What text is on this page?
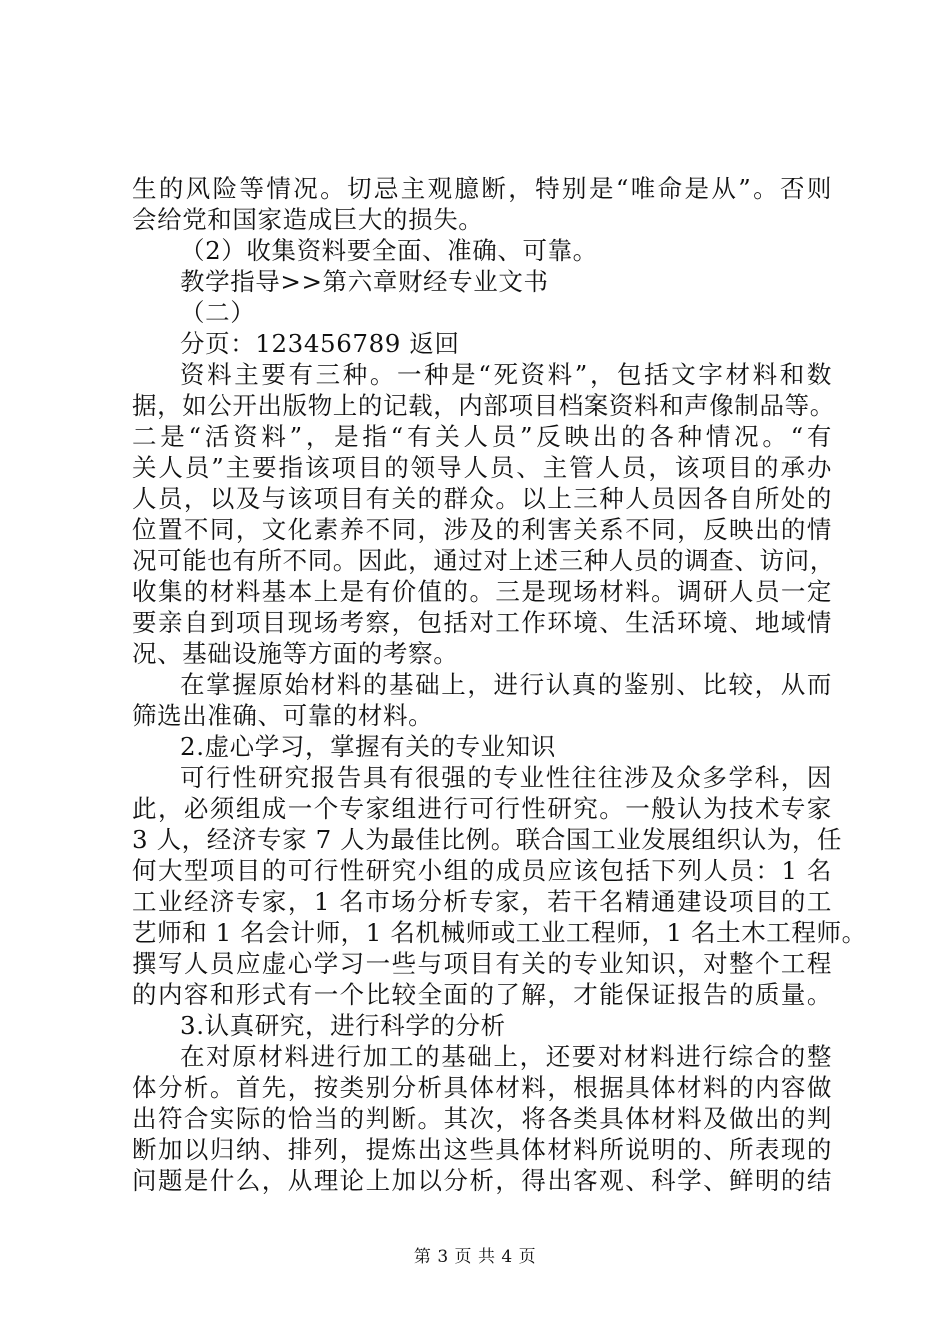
生的风险等情况。切忌主观臆断，特别是“唯命是从”。否则
会给党和国家造成巨大的损失。
（2）收集资料要全面、准确、可靠。
教学指导>>第六章财经专业文书
（二）
分页：123456789 返回
资料主要有三种。一种是“死资料”，包括文字材料和数
据，如公开出版物上的记载，内部项目档案资料和声像制品等。
二是“活资料”，是指“有关人员”反映出的各种情况。“有
关人员”主要指该项目的领导人员、主管人员，该项目的承办
人员，以及与该项目有关的群众。以上三种人员因各自所处的
位置不同，文化素养不同，涉及的利害关系不同，反映出的情
况可能也有所不同。因此，通过对上述三种人员的调查、访问，
收集的材料基本上是有价值的。三是现场材料。调研人员一定
要亲自到项目现场考察，包括对工作环境、生活环境、地域情
况、基础设施等方面的考察。
在掌握原始材料的基础上，进行认真的鉴别、比较，从而
筛选出准确、可靠的材料。
2.虚心学习，掌握有关的专业知识
可行性研究报告具有很强的专业性往往涉及众多学科，因
此，必须组成一个专家组进行可行性研究。一般认为技术专家
3 人，经济专家 7 人为最佳比例。联合国工业发展组织认为，任
何大型项目的可行性研究小组的成员应该包括下列人员：1 名
工业经济专家，1 名市场分析专家，若干名精通建设项目的工
艺师和 1 名会计师，1 名机械师或工业工程师，1 名土木工程师。
撰写人员应虚心学习一些与项目有关的专业知识，对整个工程
的内容和形式有一个比较全面的了解，才能保证报告的质量。
3.认真研究，进行科学的分析
在对原材料进行加工的基础上，还要对材料进行综合的整
体分析。首先，按类别分析具体材料，根据具体材料的内容做
出符合实际的恰当的判断。其次，将各类具体材料及做出的判
断加以归纳、排列，提炼出这些具体材料所说明的、所表现的
问题是什么，从理论上加以分析，得出客观、科学、鲜明的结
第 3 页 共 4 页
